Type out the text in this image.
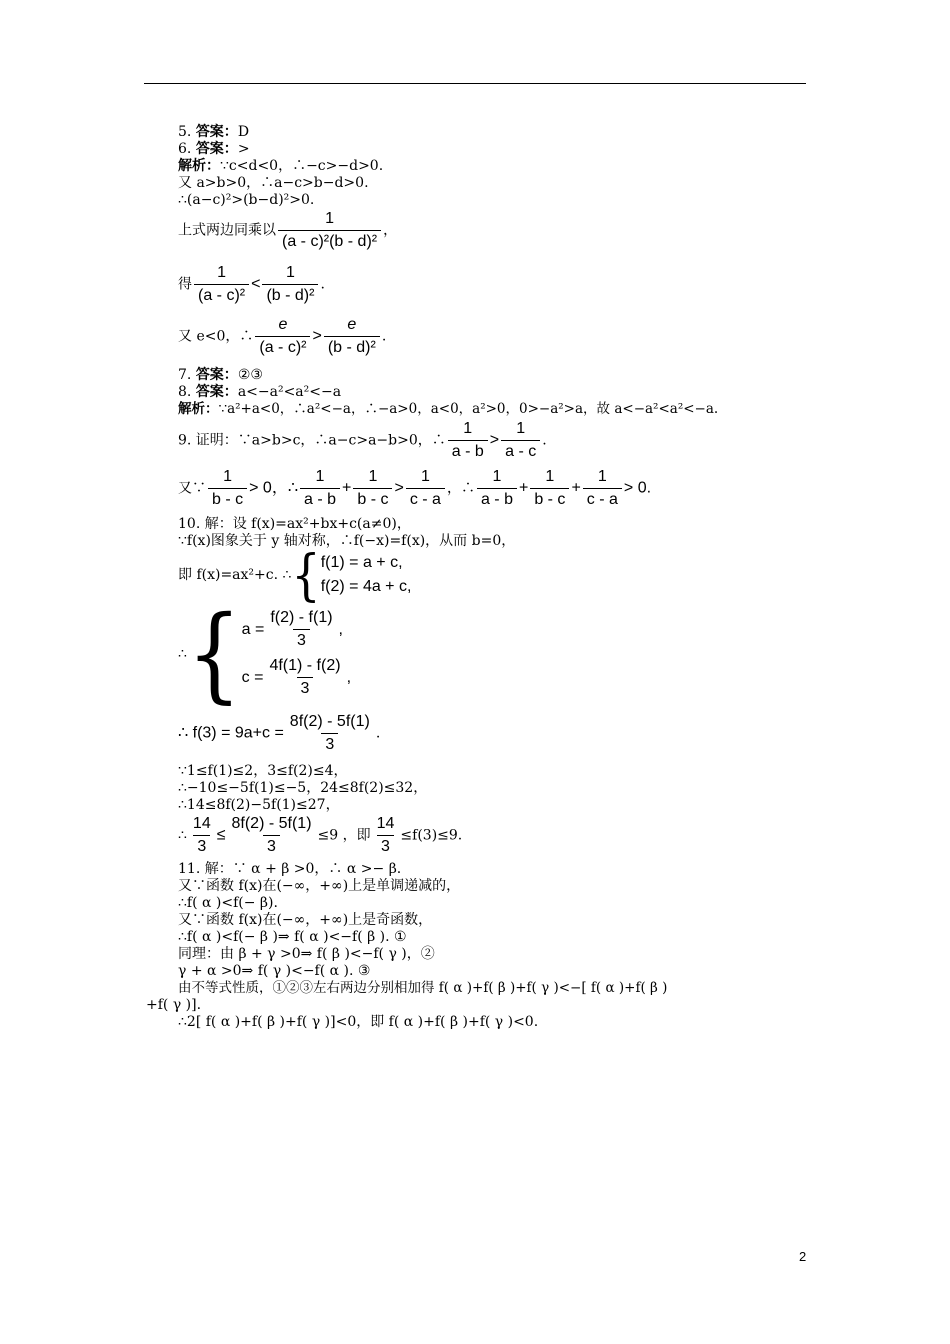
5. 答案：D
6. 答案：>
解析：∵c<d<0，∴−c>−d>0.
又 a>b>0，∴a−c>b−d>0.
∴(a−c)²>(b−d)²>0.
上式两边同乘以 $\frac{1}{\text{(a - c)²(b - d)²}}$ ，
得 $\frac{1}{\text{(a - c)²}} < \frac{1}{\text{(b - d)²}}$ .
又 e<0，∴ $\frac{e}{\text{(a - c)²}} > \frac{e}{\text{(b - d)²}}$ .
7. 答案：②③
8. 答案：a<−a²<a²<−a
解析：∵a²+a<0，∴a²<−a，∴−a>0，a<0，a²>0，0>−a²>a，故 a<−a²<a²<−a.
9. 证明：∵a>b>c，∴a−c>a−b>0，∴ $\frac{1}{a - b} > \frac{1}{a - c}$ .
又∵ $\frac{1}{b - c} > 0$，∴ $\frac{1}{a - b} + \frac{1}{b - c} > \frac{1}{c - a}$ ，∴ $\frac{1}{a - b} + \frac{1}{b - c} + \frac{1}{c - a} > 0$.
10. 解：设 f(x)=ax²+bx+c(a≠0)，
∵f(x)图象关于 y 轴对称，∴f(−x)=f(x)，从而 b=0，
即 f(x)=ax²+c. ∴{ f(1) = a + c,
f(2) = 4a + c,
∴{ $a = \frac{f(2) - f(1)}{3}$ ,
$c = \frac{4f(1) - f(2)}{3}$ ,
∴ $f(3) = 9a+c = \frac{8f(2) - 5f(1)}{3}$ .
∵1≤f(1)≤2，3≤f(2)≤4，
∴−10≤−5f(1)≤−5，24≤8f(2)≤32，
∴14≤8f(2)−5f(1)≤27，
∴ $\frac{14}{3} \le \frac{8f(2) - 5f(1)}{3} \le 9$ ，即 $\frac{14}{3} \le f(3)\le 9$.
11. 解：∵ α + β >0，∴ α >− β.
又∵函数 f(x)在(−∞，+∞)上是单调递减的，
∴f( α )<f(− β).
又∵函数 f(x)在(−∞，+∞)上是奇函数，
∴f( α )<f(− β )⇒ f( α )<−f( β ). ①
同理：由 β + γ >0⇒ f( β )<−f( γ )，②
γ + α >0⇒ f( γ )<−f( α ). ③
由不等式性质，①②③左右两边分别相加得 f( α )+f( β )+f( γ )<−[ f( α )+f( β )
+f( γ )].
∴2[ f( α )+f( β )+f( γ )]<0，即 f( α )+f( β )+f( γ )<0.
2
